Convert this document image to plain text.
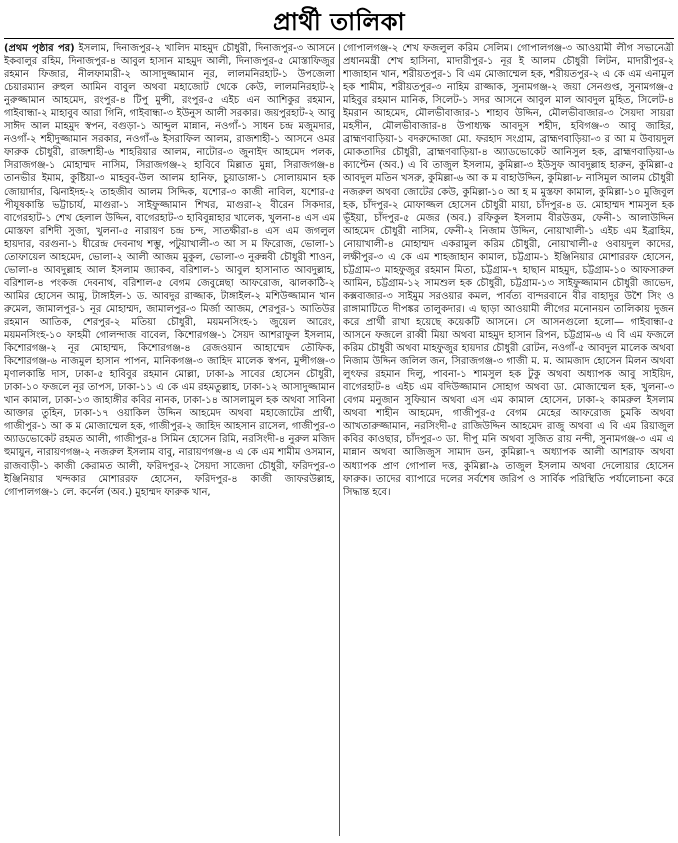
প্রার্থী তালিকা
(প্রথম পৃষ্ঠার পর) ইসলাম, দিনাজপুর-২ খালিদ মাহমুদ চৌধুরী, দিনাজপুর-৩ আসনে ইকবালুর রহিম, দিনাজপুর-৪ আবুল হাসান মাহমুদ আলী, দিনাজপুর-৫ মোস্তাফিজুর রহমান ফিজার, নীলফামারী-২ আসাদুজ্জামান নূর, লালমনিরহাট-১ উপজেলা চেয়ারম্যান রুহুল আমিন বাবুল অথবা মহাজোট থেকে কেউ, লালমনিরহাট-২ নুরুজ্জামান আহমেদ, রংপুর-৪ টিপু মুন্সী, রংপুর-৫ এইচ এন আশিকুর রহমান, গাইবান্ধা-২ মাহাবুব আরা গিনি, গাইবান্ধা-৩ ইউনুস আলী সরকার। জয়পুরহাট-২ আবু সাঈদ আল মাহমুদ স্বপন, বগুড়া-১ আব্দুল মান্নান, নওগাঁ-১ সাধন চন্দ্র মজুমদার, নওগাঁ-২ শহীদুজ্জামান সরকার, নওগাঁ-৬ ইসরাফিল আলম, রাজশাহী-১ আসনে ওমর ফারুক চৌধুরী, রাজশাহী-৬ শাহরিয়ার আলম, নাটোর-৩ জুনাইদ আহমেদ পলক, সিরাজগঞ্জ-১ মোহাম্মদ নাসিম, সিরাজগঞ্জ-২ হাবিবে মিল্লাত মুন্না, সিরাজগঞ্জ-৪ তানভীর ইমাম, কুষ্টিয়া-৩ মাহবুব-উল আলম হানিফ, চুয়াডাঙ্গা-১ সোলায়মান হক জোয়ার্দার, ঝিনাইদহ-২ তাহজীব আলম সিদ্দিক, যশোর-৩ কাজী নাবিল, যশোর-৫ পীযূষকান্তি ভট্টাচার্য, মাগুরা-১ সাইফুজ্জামান শিখর, মাগুরা-২ বীরেন সিকদার, বাগেরহাট-১ শেখ হেলাল উদ্দিন, বাগেরহাট-৩ হাবিবুন্নাহার খালেক, খুলনা-৪ এস এম মোস্তফা রশিদী সুজা, খুলনা-৫ নারায়ণ চন্দ্র চন্দ, সাতক্ষীরা-৪ এস এম জগলুল হায়দার, বরগুনা-১ ধীরেন্দ্র দেবনাথ শম্ভু, পটুয়াখালী-৩ আ স ম ফিরোজ, ভোলা-১ তোফায়েল আহমেদ, ভোলা-২ আলী আজম মুকুল, ভোলা-৩ নুরুন্নবী চৌধুরী শাওন, ভোলা-৪ আবদুল্লাহ আল ইসলাম জ্যাকব, বরিশাল-১ আবুল হাসানাত আবদুল্লাহ, বরিশাল-৪ পংকজ দেবনাথ, বরিশাল-৫ বেগম জেবুন্নেছা আফরোজ, ঝালকাঠি-২ আমির হোসেন আমু, টাঙ্গাইল-১ ড. আবদুর রাজ্জাক, টাঙ্গাইল-২ মশিউজ্জামান খান রুমেল, জামালপুর-১ নূর মোহাম্মদ, জামালপুর-৩ মির্জা আজম, শেরপুর-১ আতিউর রহমান আতিক, শেরপুর-২ মতিয়া চৌধুরী, ময়মনসিংহ-১ জুয়েল আরেং, ময়মনসিংহ-১০ ফাহমী গোলন্দাজ বাবেল, কিশোরগঞ্জ-১ সৈয়দ আশরাফুল ইসলাম, কিশোরগঞ্জ-২ নূর মোহাম্মদ, কিশোরগঞ্জ-৪ রেজওয়ান আহাম্মেদ তৌফিক, কিশোরগঞ্জ-৬ নাজমুল হাসান পাপন, মানিকগঞ্জ-৩ জাহিদ মালেক স্বপন, মুন্সীগঞ্জ-৩ মৃণালকান্তি দাস, ঢাকা-৫ হাবিবুর রহমান মোল্লা, ঢাকা-৯ সাবের হোসেন চৌধুরী, ঢাকা-১০ ফজলে নূর তাপস, ঢাকা-১১ এ কে এম রহমতুল্লাহ, ঢাকা-১২ আসাদুজ্জামান খান কামাল, ঢাকা-১৩ জাহাঙ্গীর কবির নানক, ঢাকা-১৪ আসলামুল হক অথবা সাবিনা আক্তার তুহিন, ঢাকা-১৭ ওয়াকিল উদ্দিন আহমেদ অথবা মহাজোটের প্রার্থী, গাজীপুর-১ আ ক ম মোজাম্মেল হক, গাজীপুর-২ জাহিদ আহসান রাসেল, গাজীপুর-৩ অ্যাডভোকেট রহমত আলী, গাজীপুর-৪ সিমিন হোসেন রিমি, নরসিংদী-৪ নুরুল মজিদ হুমায়ুন, নারায়ণগঞ্জ-২ নজরুল ইসলাম বাবু, নারায়ণগঞ্জ-৪ এ কে এম শামীম ওসমান, রাজবাড়ী-১ কাজী কেরামত আলী, ফরিদপুর-২ সৈয়দা সাজেদা চৌধুরী, ফরিদপুর-৩ ইঞ্জিনিয়ার খন্দকার মোশাররফ হোসেন, ফরিদপুর-৪ কাজী জাফরউল্লাহ, গোপালগঞ্জ-১ লে. কর্নেল (অব.) মুহাম্মদ ফারুক খান,
গোপালগঞ্জ-২ শেখ ফজলুল করিম সেলিম। গোপালগঞ্জ-৩ আওয়ামী লীগ সভানেত্রী প্রধানমন্ত্রী শেখ হাসিনা, মাদারীপুর-১ নূর ই আলম চৌধুরী লিটন, মাদারীপুর-২ শাজাহান খান, শরীয়তপুর-১ বি এম মোজাম্মেল হক, শরীয়তপুর-২ এ কে এম এনামুল হক শামীম, শরীয়তপুর-৩ নাহিম রাজ্জাক, সুনামগঞ্জ-২ জয়া সেনগুপ্ত, সুনামগঞ্জ-৫ মহিবুর রহমান মানিক, সিলেট-১ সদর আসনে আবুল মাল আবদুল মুহিত, সিলেট-৪ ইমরান আহমেদ, মৌলভীবাজার-১ শাহাব উদ্দিন, মৌলভীবাজার-৩ সৈয়দা সায়রা মহসীন, মৌলভীবাজার-৪ উপাধ্যক্ষ আবদুস শহীদ, হবিগঞ্জ-৩ আবু জাহির, ব্রাহ্মণবাড়িয়া-১ বদরুদ্দোজা মো. ফরহাদ সংগ্রাম, ব্রাহ্মণবাড়িয়া-৩ র আ ম উবায়দুল মোকতাদির চৌধুরী, ব্রাহ্মণবাড়িয়া-৪ অ্যাডভোকেট আনিসুল হক, ব্রাহ্মণবাড়িয়া-৬ ক্যাপ্টেন (অব.) এ বি তাজুল ইসলাম, কুমিল্লা-৩ ইউসুফ আবদুল্লাহ হারুন, কুমিল্লা-৫ আবদুল মতিন খসরু, কুমিল্লা-৬ আ ক ম বাহাউদ্দিন, কুমিল্লা-৮ নাসিমুল আলম চৌধুরী নজরুল অথবা জোটের কেউ, কুমিল্লা-১০ আ হ ম মুস্তফা কামাল, কুমিল্লা-১০ মুজিবুল হক, চাঁদপুর-২ মোফাজ্জল হোসেন চৌধুরী মায়া, চাঁদপুর-৪ ড. মোহাম্মদ শামসুল হক ভূঁইয়া, চাঁদপুর-৫ মেজর (অব.) রফিকুল ইসলাম বীরউত্তম, ফেনী-১ আলাউদ্দিন আহমেদ চৌধুরী নাসিম, ফেনী-২ নিজাম উদ্দিন, নোয়াখালী-১ এইচ এম ইব্রাহিম, নোয়াখালী-৪ মোহাম্মদ একরামুল করিম চৌধুরী, নোয়াখালী-৫ ওবায়দুল কাদের, লক্ষীপুর-৩ এ কে এম শাহজাহান কামাল, চট্টগ্রাম-১ ইঞ্জিনিয়ার মোশাররফ হোসেন, চট্টগ্রাম-৩ মাহফুজুর রহমান মিতা, চট্টগ্রাম-৭ হাছান মাহমুদ, চট্টগ্রাম-১০ আফসারুল আমিন, চট্টগ্রাম-১২ সামশুল হক চৌধুরী, চট্টগ্রাম-১৩ সাইফুজ্জামান চৌধুরী জাভেদ, কক্সবাজার-৩ সাইমুম সরওয়ার কমল, পার্বত্য বান্দরবানে বীর বাহাদুর উশৈ সিং ও রাঙ্গামাটিতে দীপঙ্কর তালুকদার। এ ছাড়া আওয়ামী লীগের মনোনয়ন তালিকায় দুজন করে প্রার্থী রাখা হয়েছে কয়েকটি আসনে। সে আসনগুলো হলো— গাইবান্ধা-৫ আসনে ফজলে রাব্বী মিয়া অথবা মাহমুদ হাসান রিপন, চট্টগ্রাম-৬ এ বি এম ফজলে করিম চৌধুরী অথবা মাহফুজুর হায়দার চৌধুরী রোটন, নওগাঁ-৫ আবদুল মালেক অথবা নিজাম উদ্দিন জলিল জন, সিরাজগঞ্জ-৩ গাজী ম. ম. আমজাদ হোসেন মিলন অথবা লুৎফর রহমান দিলু, পাবনা-১ শামসুল হক টুকু অথবা অধ্যাপক আবু সাইয়িদ, বাগেরহাট-৪ এইচ এম বদিউজ্জামান সোহাগ অথবা ডা. মোজাম্মেল হক, খুলনা-৩ বেগম মনুজান সুফিয়ান অথবা এস এম কামাল হোসেন, ঢাকা-২ কামরুল ইসলাম অথবা শাহীন আহমেদ, গাজীপুর-৫ বেগম মেহের আফরোজ চুমকি অথবা আখতারুজ্জামান, নরসিংদী-৫ রাজিউদ্দিন আহমেদ রাজু অথবা এ বি এম রিয়াজুল কবির কাওছার, চাঁদপুর-৩ ডা. দীপু মনি অথবা সুজিত রায় নন্দী, সুনামগঞ্জ-৩ এম এ মান্নান অথবা আজিজুস সামাদ ডন, কুমিল্লা-৭ অধ্যাপক আলী আশরাফ অথবা অধ্যাপক প্রাণ গোপাল দত্ত, কুমিল্লা-৯ তাজুল ইসলাম অথবা দেলোয়ার হোসেন ফারুক। তাদের ব্যাপারে দলের সর্বশেষ জরিপ ও সার্বিক পরিস্থিতি পর্যালোচনা করে সিদ্ধান্ত হবে।
